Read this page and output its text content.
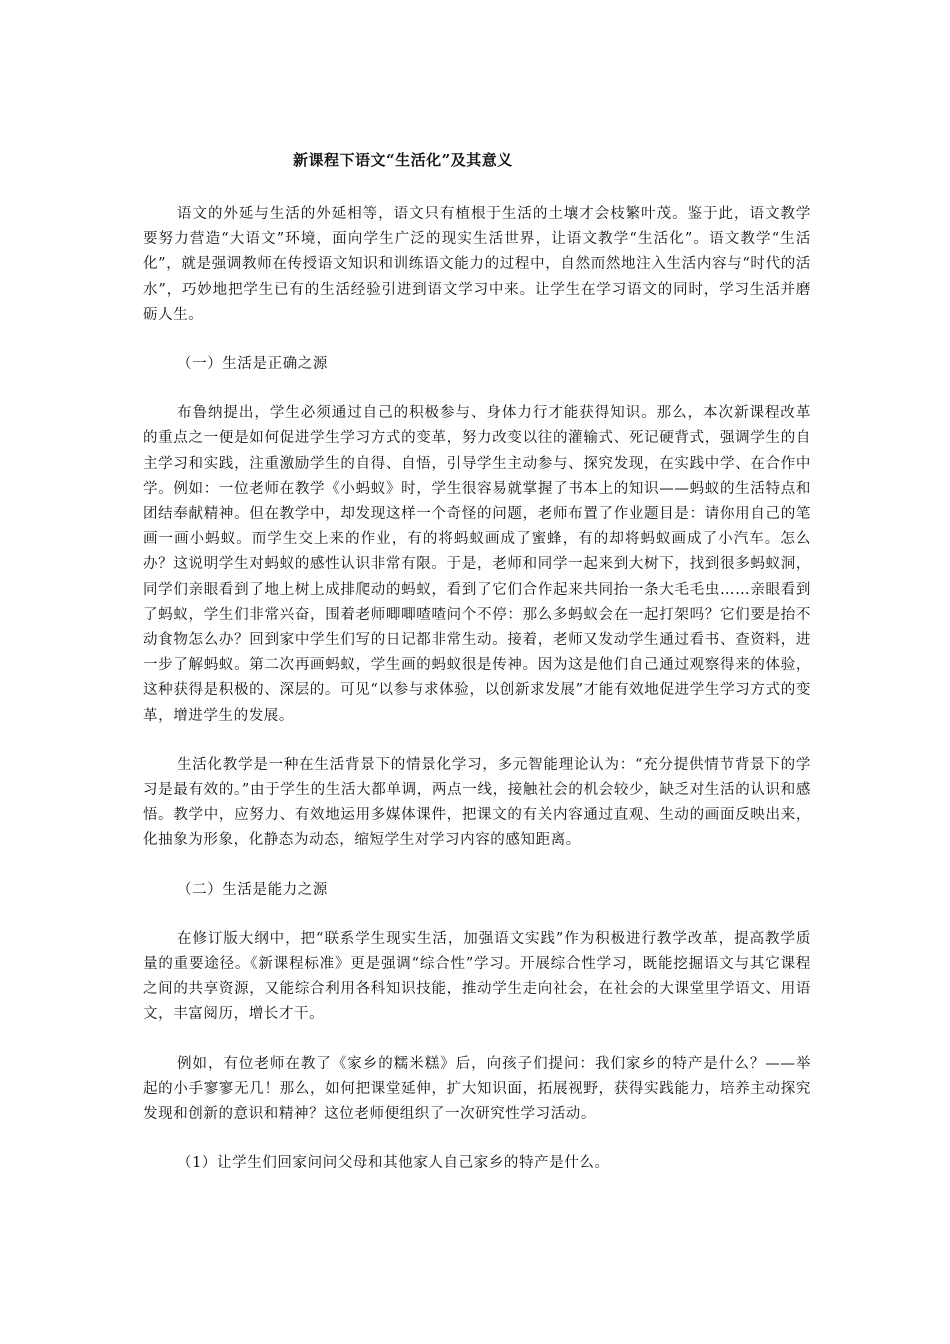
新课程下语文“生活化”及其意义

语文的外延与生活的外延相等，语文只有植根于生活的土壤才会枝繁叶茂。鉴于此，语文教学要努力营造“大语文”环境，面向学生广泛的现实生活世界，让语文教学“生活化”。语文教学“生活化”，就是强调教师在传授语文知识和训练语文能力的过程中，自然而然地注入生活内容与“时代的活水”，巧妙地把学生已有的生活经验引进到语文学习中来。让学生在学习语文的同时，学习生活并磨砺人生。

（一）生活是正确之源

布鲁纳提出，学生必须通过自己的积极参与、身体力行才能获得知识。那么，本次新课程改革的重点之一便是如何促进学生学习方式的变革，努力改变以往的灌输式、死记硬背式，强调学生的自主学习和实践，注重激励学生的自得、自悟，引导学生主动参与、探究发现，在实践中学、在合作中学。例如：一位老师在教学《小蚂蚁》时，学生很容易就掌握了书本上的知识——蚂蚁的生活特点和团结奉献精神。但在教学中，却发现这样一个奇怪的问题，老师布置了作业题目是：请你用自己的笔画一画小蚂蚁。而学生交上来的作业，有的将蚂蚁画成了蜜蜂，有的却将蚂蚁画成了小汽车。怎么办？这说明学生对蚂蚁的感性认识非常有限。于是，老师和同学一起来到大树下，找到很多蚂蚁洞，同学们亲眼看到了地上树上成排爬动的蚂蚁，看到了它们合作起来共同抬一条大毛毛虫……亲眼看到了蚂蚁，学生们非常兴奋，围着老师唧唧喳喳问个不停：那么多蚂蚁会在一起打架吗？它们要是抬不动食物怎么办？回到家中学生们写的日记都非常生动。接着，老师又发动学生通过看书、查资料，进一步了解蚂蚁。第二次再画蚂蚁，学生画的蚂蚁很是传神。因为这是他们自己通过观察得来的体验，这种获得是积极的、深层的。可见“以参与求体验，以创新求发展”才能有效地促进学生学习方式的变革，增进学生的发展。

生活化教学是一种在生活背景下的情景化学习，多元智能理论认为：“充分提供情节背景下的学习是最有效的。”由于学生的生活大都单调，两点一线，接触社会的机会较少，缺乏对生活的认识和感悟。教学中，应努力、有效地运用多媒体课件，把课文的有关内容通过直观、生动的画面反映出来，化抽象为形象，化静态为动态，缩短学生对学习内容的感知距离。

（二）生活是能力之源

在修订版大纲中，把“联系学生现实生活，加强语文实践”作为积极进行教学改革，提高教学质量的重要途径。《新课程标准》更是强调“综合性”学习。开展综合性学习，既能挖掘语文与其它课程之间的共享资源，又能综合利用各科知识技能，推动学生走向社会，在社会的大课堂里学语文、用语文，丰富阅历，增长才干。

例如，有位老师在教了《家乡的糯米糕》后，向孩子们提问：我们家乡的特产是什么？——举起的小手寥寥无几！那么，如何把课堂延伸，扩大知识面，拓展视野，获得实践能力，培养主动探究发现和创新的意识和精神？这位老师便组织了一次研究性学习活动。

（1）让学生们回家问问父母和其他家人自己家乡的特产是什么。
